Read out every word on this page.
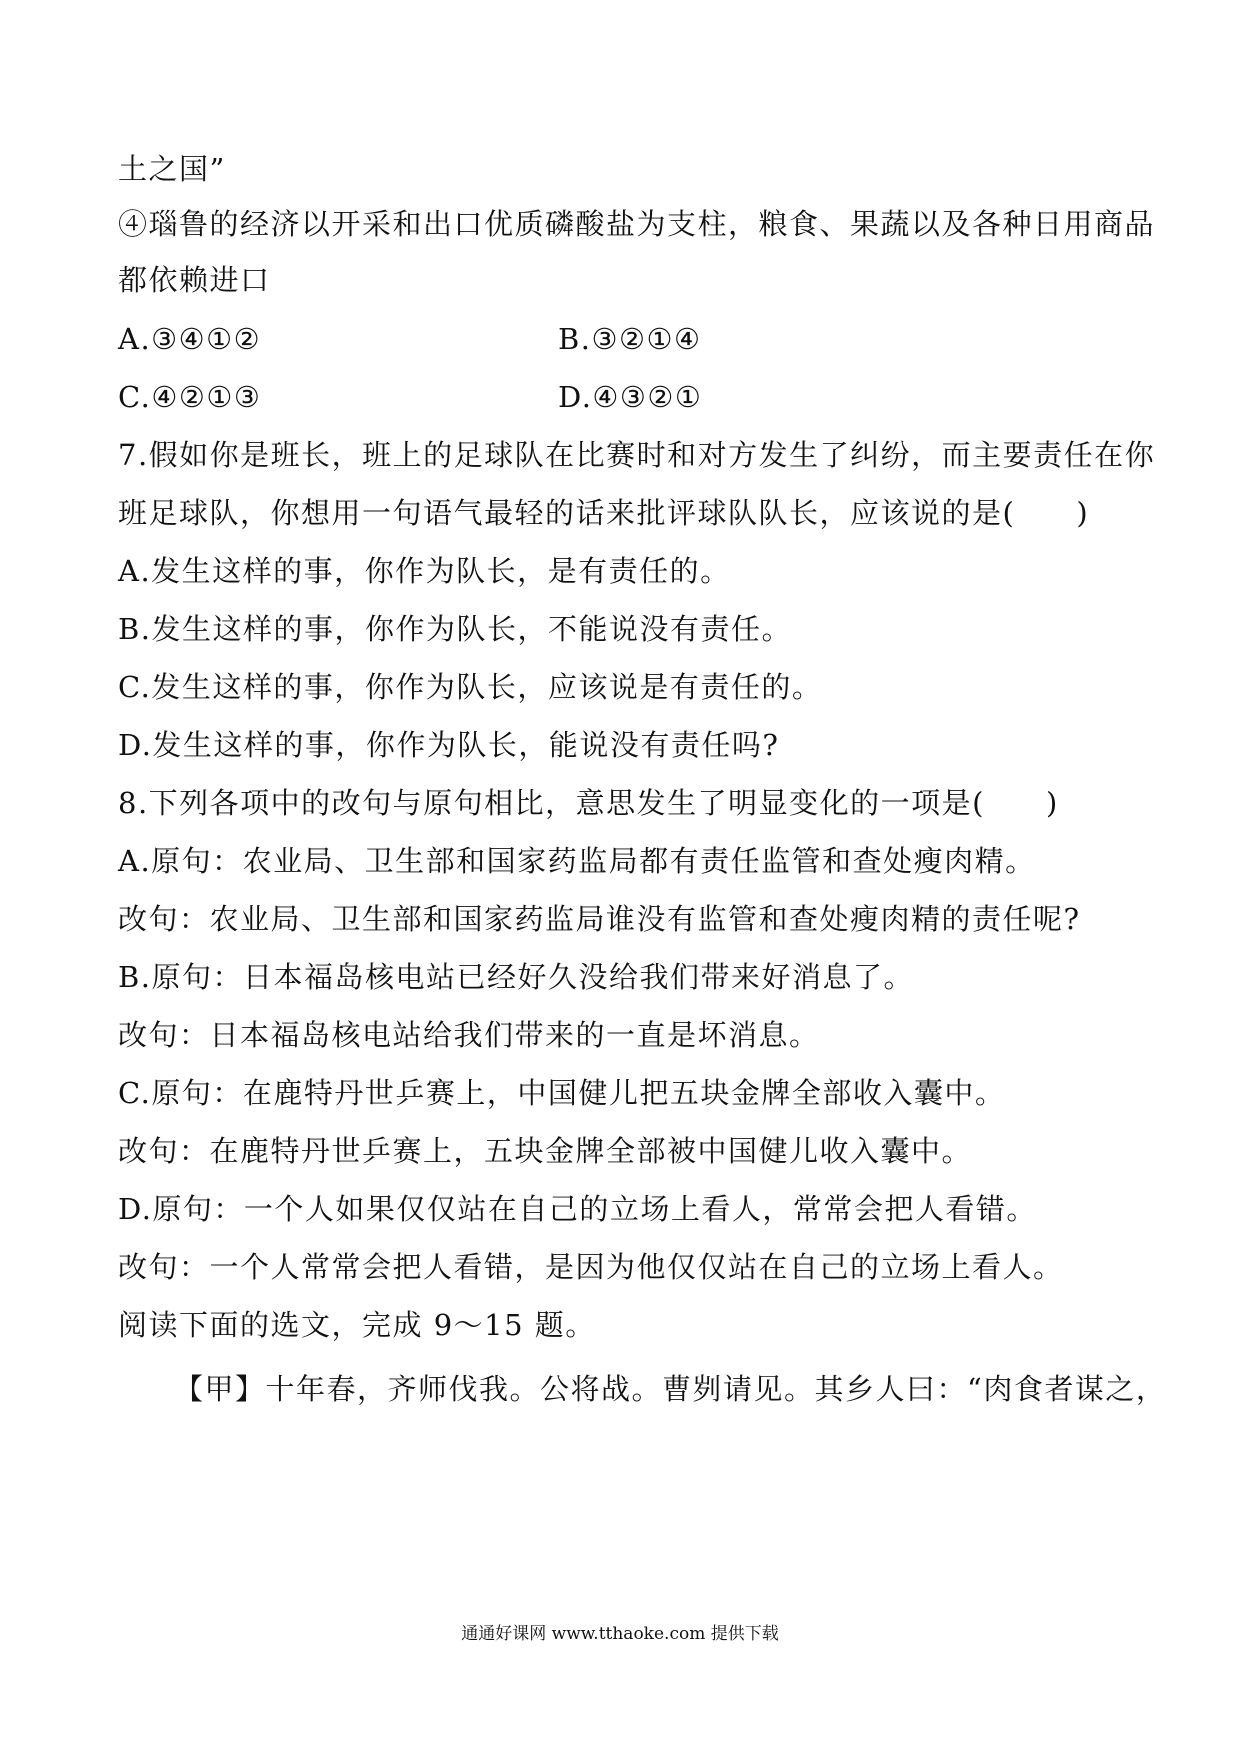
土之国”
④瑙鲁的经济以开采和出口优质磷酸盐为支柱，粮食、果蔬以及各种日用商品
都依赖进口
A.③④①②	B.③②①④
C.④②①③	D.④③②①
7.假如你是班长，班上的足球队在比赛时和对方发生了纠纷，而主要责任在你
班足球队，你想用一句语气最轻的话来批评球队队长，应该说的是(　　)
A.发生这样的事，你作为队长，是有责任的。
B.发生这样的事，你作为队长，不能说没有责任。
C.发生这样的事，你作为队长，应该说是有责任的。
D.发生这样的事，你作为队长，能说没有责任吗?
8.下列各项中的改句与原句相比，意思发生了明显变化的一项是(　　)
A.原句：农业局、卫生部和国家药监局都有责任监管和查处瘦肉精。
改句：农业局、卫生部和国家药监局谁没有监管和查处瘦肉精的责任呢?
B.原句：日本福岛核电站已经好久没给我们带来好消息了。
改句：日本福岛核电站给我们带来的一直是坏消息。
C.原句：在鹿特丹世乒赛上，中国健儿把五块金牌全部收入囊中。
改句：在鹿特丹世乒赛上，五块金牌全部被中国健儿收入囊中。
D.原句：一个人如果仅仅站在自己的立场上看人，常常会把人看错。
改句：一个人常常会把人看错，是因为他仅仅站在自己的立场上看人。
阅读下面的选文，完成 9～15 题。
【甲】十年春，齐师伐我。公将战。曹刿请见。其乡人曰：“肉食者谋之，
通通好课网 www.tthaoke.com 提供下载
